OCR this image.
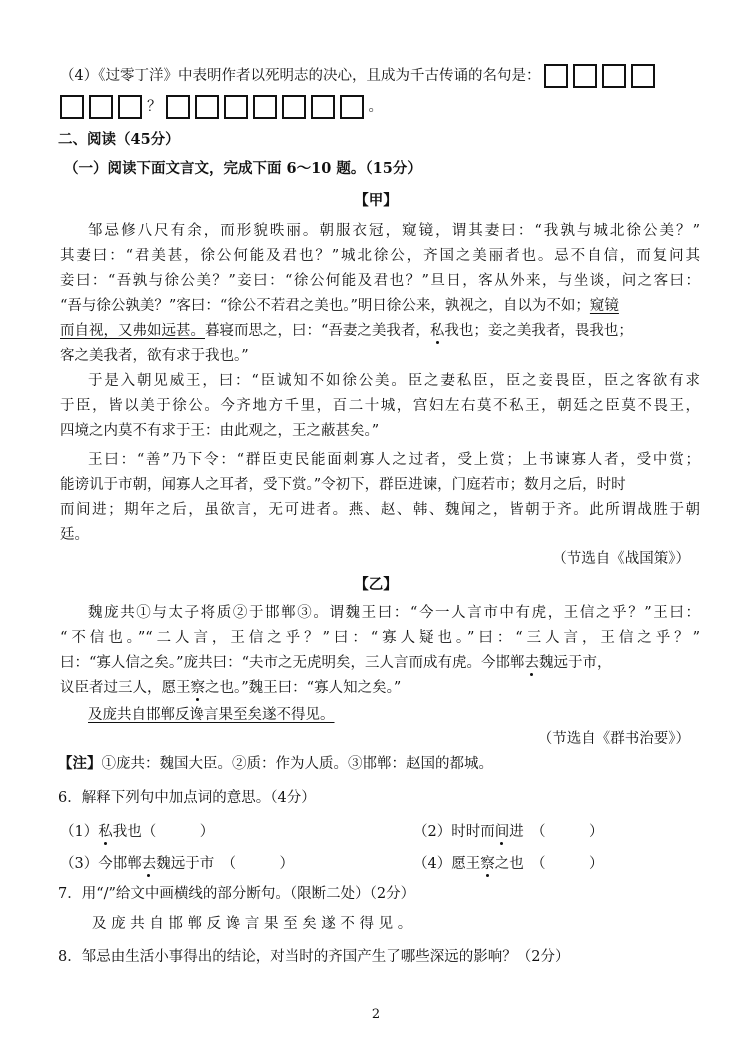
（4）《过零丁洋》中表明作者以死明志的决心，且成为千古传诵的名句是：
？	。
二、阅读（45分）
（一）阅读下面文言文，完成下面 6～10 题。（15分）
【甲】
邹忌修八尺有余，而形貌昳丽。朝服衣冠，窥镜，谓其妻曰：“我孰与城北徐公美？”
其妻曰：“君美甚，徐公何能及君也？”城北徐公，齐国之美丽者也。忌不自信，而复问其
妾曰：“吾孰与徐公美？”妾曰：“徐公何能及君也？”旦日，客从外来，与坐谈，问之客曰：
“吾与徐公孰美？”客曰：“徐公不若君之美也。”明日徐公来，孰视之，自以为不如；窥镜
而自视，又弗如远甚。暮寝而思之，曰：“吾妻之美我者，私我也；妾之美我者，畏我也；
客之美我者，欲有求于我也。”
于是入朝见威王，曰：“臣诚知不如徐公美。臣之妻私臣，臣之妾畏臣，臣之客欲有求
于臣，皆以美于徐公。今齐地方千里，百二十城，宫妇左右莫不私王，朝廷之臣莫不畏王，
四境之内莫不有求于王：由此观之，王之蔽甚矣。”
王曰：“善”乃下令：“群臣吏民能面刺寡人之过者，受上赏；上书谏寡人者，受中赏；
能谤讥于市朝，闻寡人之耳者，受下赏。”令初下，群臣进谏，门庭若市；数月之后，时时
而间进；期年之后，虽欲言，无可进者。燕、赵、韩、魏闻之，皆朝于齐。此所谓战胜于朝
廷。
（节选自《战国策》）
【乙】
魏庞共①与太子将质②于邯郸③。谓魏王曰：“今一人言市中有虎，王信之乎？”王曰：
“不信也。”“二人言，王信之乎？”曰：“寡人疑也。”曰：“三人言，王信之乎？”
曰：“寡人信之矣。”庞共曰：“夫市之无虎明矣，三人言而成有虎。今邯郸去魏远于市，
议臣者过三人，愿王察之也。”魏王曰：“寡人知之矣。”
及庞共自邯郸反谗言果至矣遂不得见。
（节选自《群书治要》）
【注】①庞共：魏国大臣。②质：作为人质。③邯郸：赵国的都城。
6．解释下列句中加点词的意思。（4分）
（1）私我也（　　　）	（2）时时而间进　 （　　　）
（3）今邯郸去魏远于市　 （　　　）	（4）愿王察之也　 （　　　）
7．用“/”给文中画横线的部分断句。（限断二处）（2分）
及 庞 共 自 邯 郸 反 谗 言 果 至 矣 遂 不 得 见 。
8．邹忌由生活小事得出的结论，对当时的齐国产生了哪些深远的影响？（2分）
2
